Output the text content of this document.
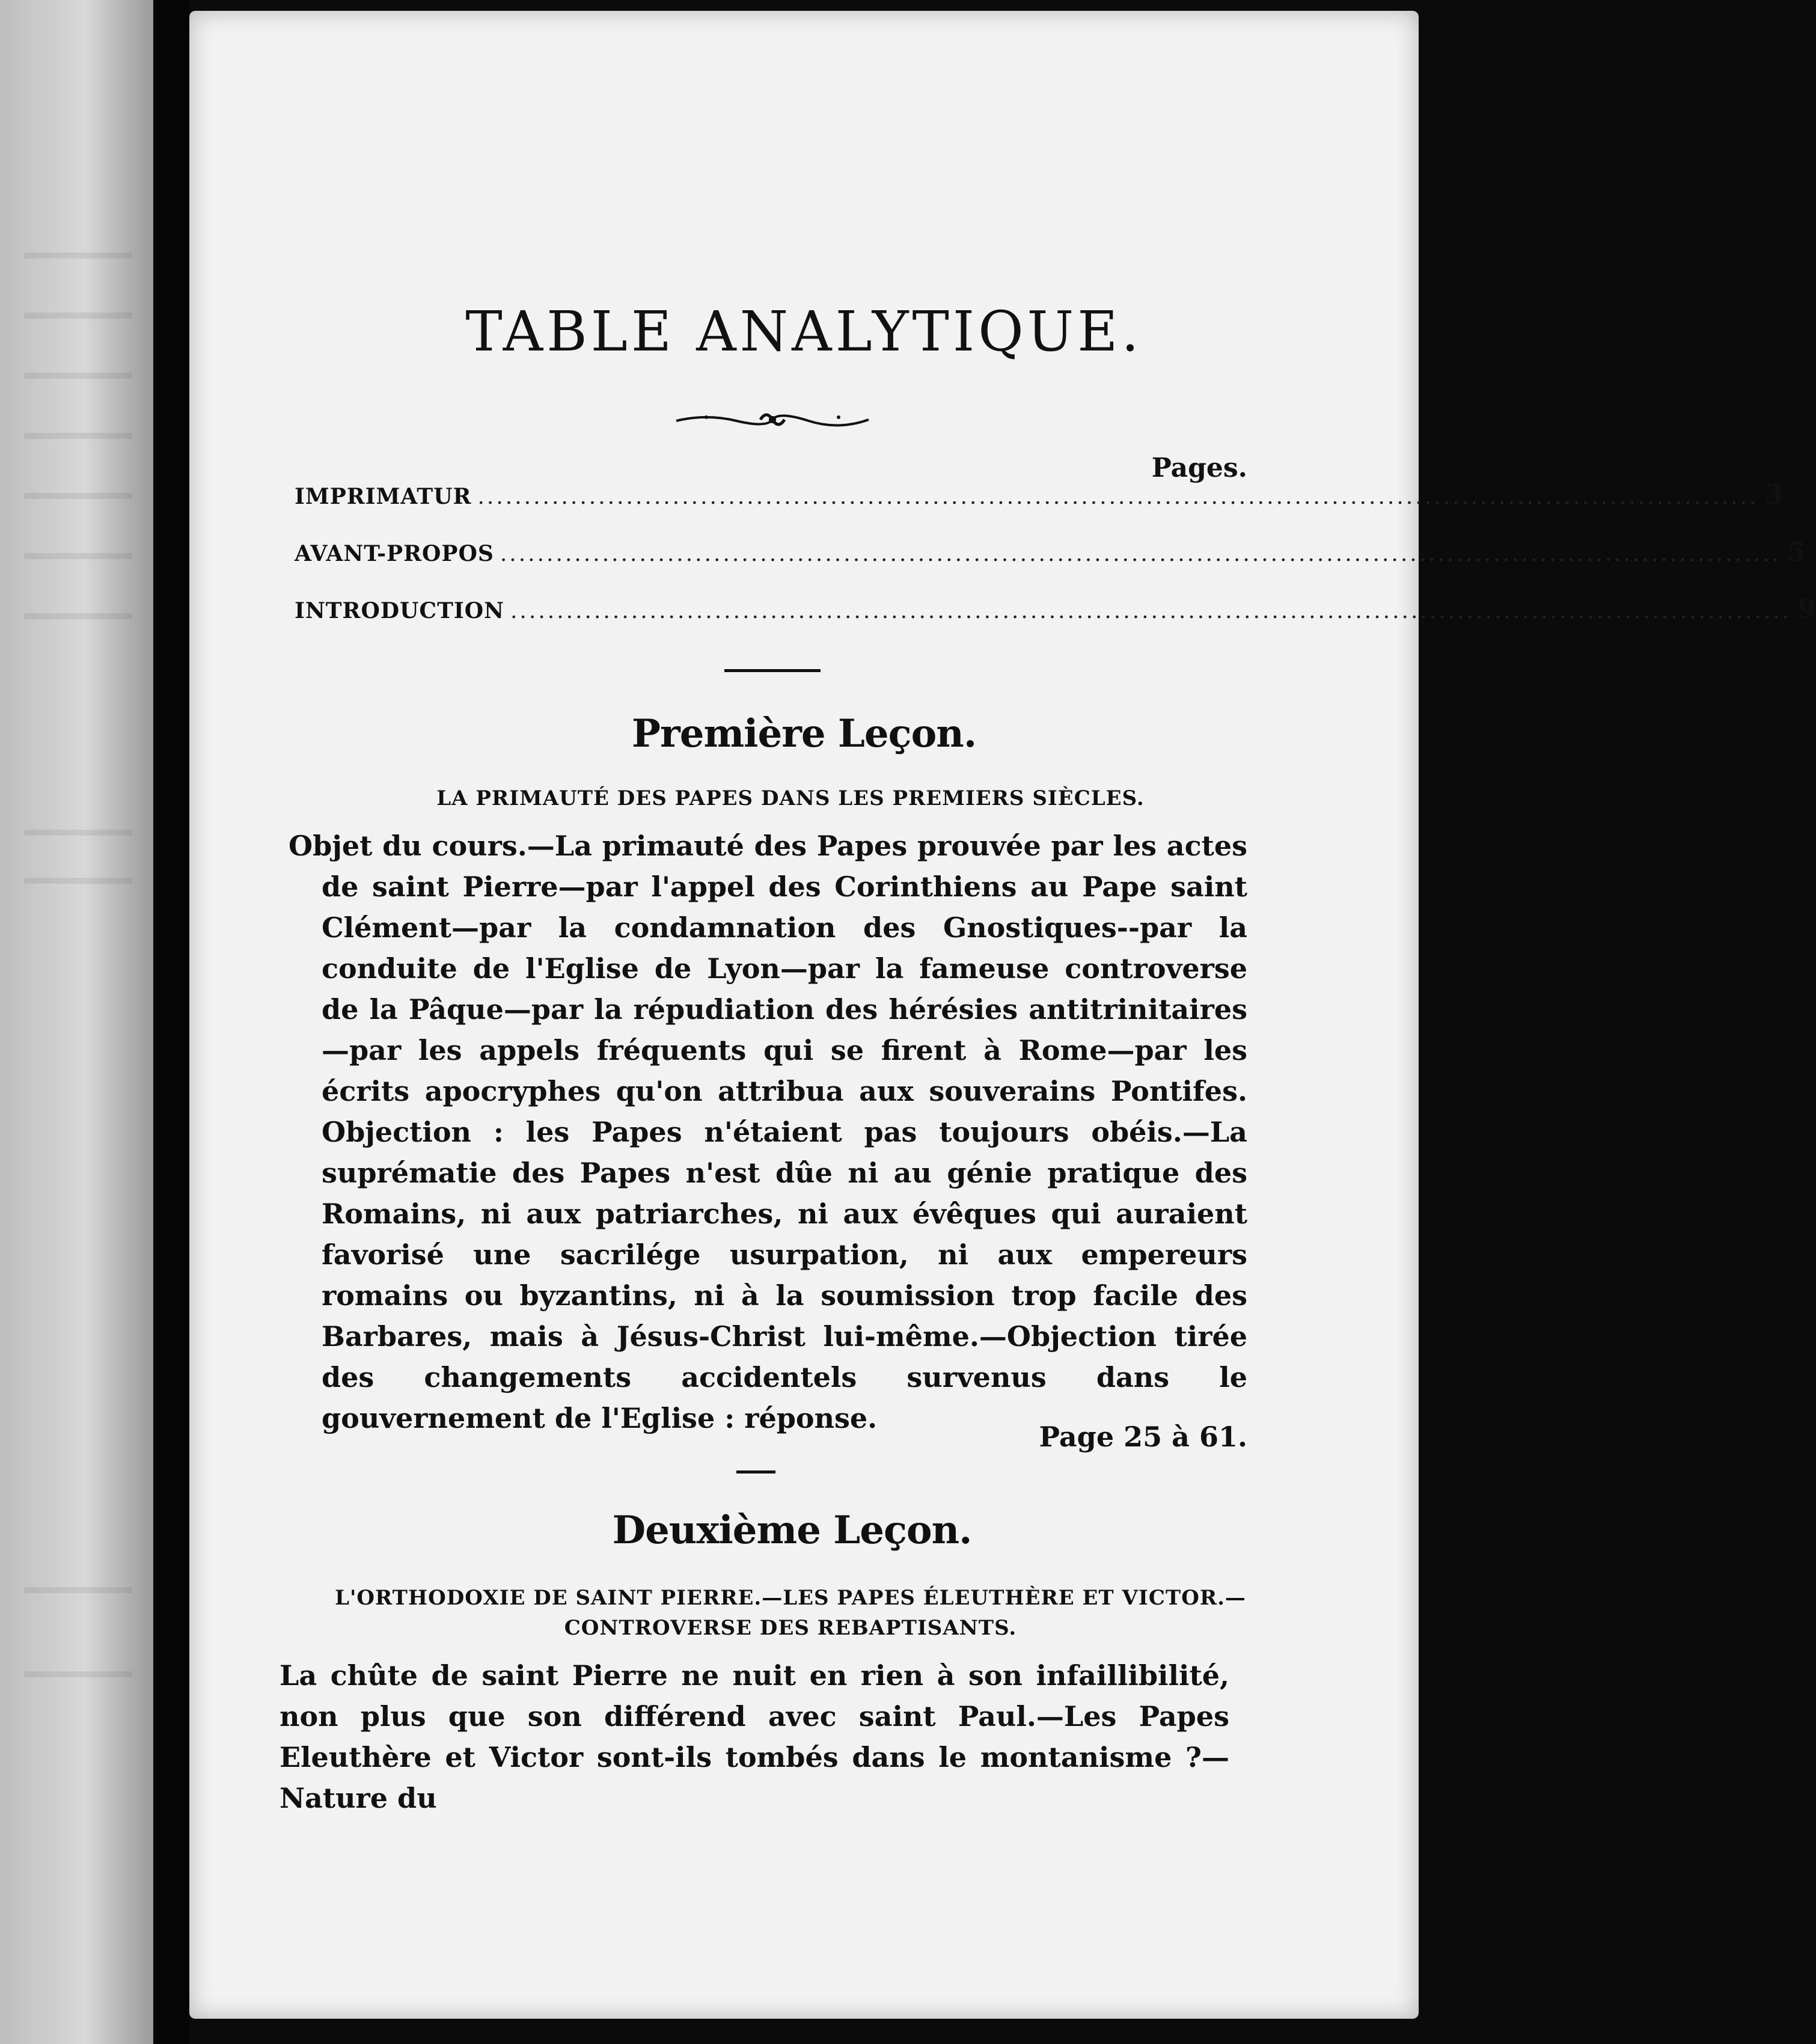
TABLE ANALYTIQUE.
Pages.
IMPRIMATUR .......................................................................................................................................... 3
AVANT-PROPOS .......................................................................................................................................... 5
INTRODUCTION .......................................................................................................................................... 9
Première Leçon.
LA PRIMAUTÉ DES PAPES DANS LES PREMIERS SIÈCLES.
Objet du cours.—La primauté des Papes prouvée par les actes de saint Pierre—par l'appel des Corinthiens au Pape saint Clément—par la condamnation des Gnostiques--par la conduite de l'Eglise de Lyon—par la fameuse controverse de la Pâque—par la répudiation des hérésies antitrinitaires—par les appels fréquents qui se firent à Rome—par les écrits apocryphes qu'on attribua aux souverains Pontifes. Objection : les Papes n'étaient pas toujours obéis.—La suprématie des Papes n'est dûe ni au génie pratique des Romains, ni aux patriarches, ni aux évêques qui auraient favorisé une sacrilége usurpation, ni aux empereurs romains ou byzantins, ni à la soumission trop facile des Barbares, mais à Jésus-Christ lui-même.—Objection tirée des changements accidentels survenus dans le gouvernement de l'Eglise : réponse.
Page 25 à 61.
Deuxième Leçon.
L'ORTHODOXIE DE SAINT PIERRE.—LES PAPES ÉLEUTHÈRE ET VICTOR.—CONTROVERSE DES REBAPTISANTS.
La chûte de saint Pierre ne nuit en rien à son infaillibilité, non plus que son différend avec saint Paul.—Les Papes Eleuthère et Victor sont-ils tombés dans le montanisme ?—Nature du
